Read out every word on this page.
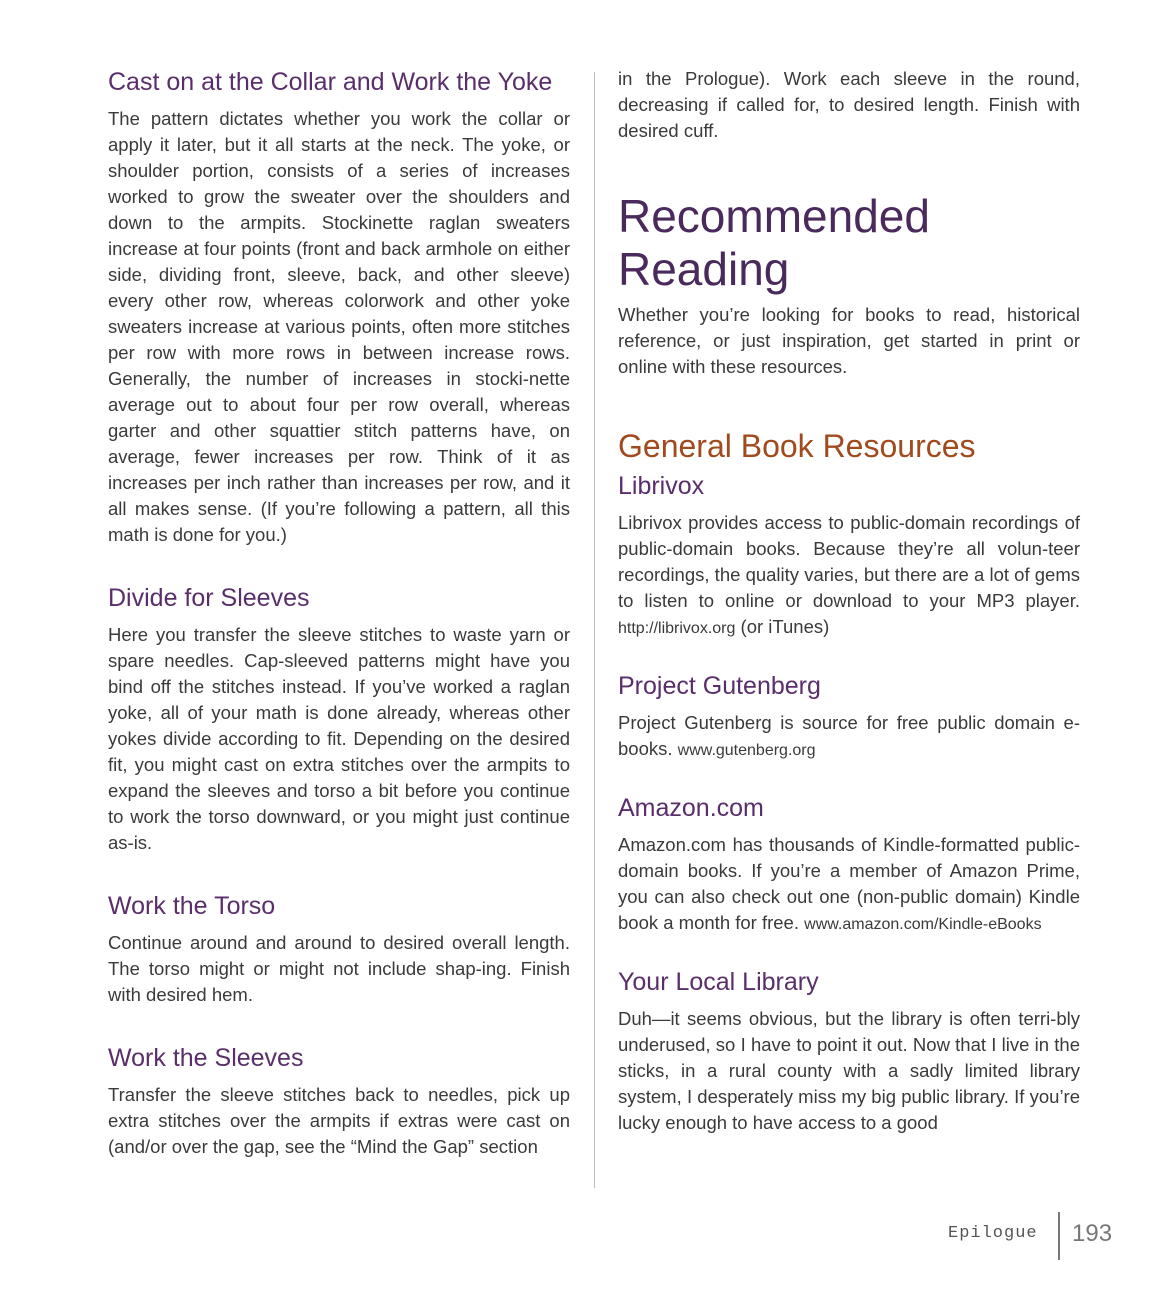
Cast on at the Collar and Work the Yoke

The pattern dictates whether you work the collar or apply it later, but it all starts at the neck. The yoke, or shoulder portion, consists of a series of increases worked to grow the sweater over the shoulders and down to the armpits. Stockinette raglan sweaters increase at four points (front and back armhole on either side, dividing front, sleeve, back, and other sleeve) every other row, whereas colorwork and other yoke sweaters increase at various points, often more stitches per row with more rows in between increase rows. Generally, the number of increases in stocki-nette average out to about four per row overall, whereas garter and other squattier stitch patterns have, on average, fewer increases per row. Think of it as increases per inch rather than increases per row, and it all makes sense. (If you’re following a pattern, all this math is done for you.)

Divide for Sleeves

Here you transfer the sleeve stitches to waste yarn or spare needles. Cap-sleeved patterns might have you bind off the stitches instead. If you’ve worked a raglan yoke, all of your math is done already, whereas other yokes divide according to fit. Depending on the desired fit, you might cast on extra stitches over the armpits to expand the sleeves and torso a bit before you continue to work the torso downward, or you might just continue as-is.

Work the Torso

Continue around and around to desired overall length. The torso might or might not include shap-ing. Finish with desired hem.

Work the Sleeves

Transfer the sleeve stitches back to needles, pick up extra stitches over the armpits if extras were cast on (and/or over the gap, see the “Mind the Gap” section

in the Prologue). Work each sleeve in the round, decreasing if called for, to desired length. Finish with desired cuff.

Recommended Reading

Whether you’re looking for books to read, historical reference, or just inspiration, get started in print or online with these resources.

General Book Resources
Librivox

Librivox provides access to public-domain recordings of public-domain books. Because they’re all volun-teer recordings, the quality varies, but there are a lot of gems to listen to online or download to your MP3 player. http://librivox.org (or iTunes)

Project Gutenberg

Project Gutenberg is source for free public domain e-books. www.gutenberg.org

Amazon.com

Amazon.com has thousands of Kindle-formatted public-domain books. If you’re a member of Amazon Prime, you can also check out one (non-public domain) Kindle book a month for free. www.amazon.com/Kindle-eBooks

Your Local Library

Duh—it seems obvious, but the library is often terri-bly underused, so I have to point it out. Now that I live in the sticks, in a rural county with a sadly limited library system, I desperately miss my big public library. If you’re lucky enough to have access to a good

Epilogue 193
